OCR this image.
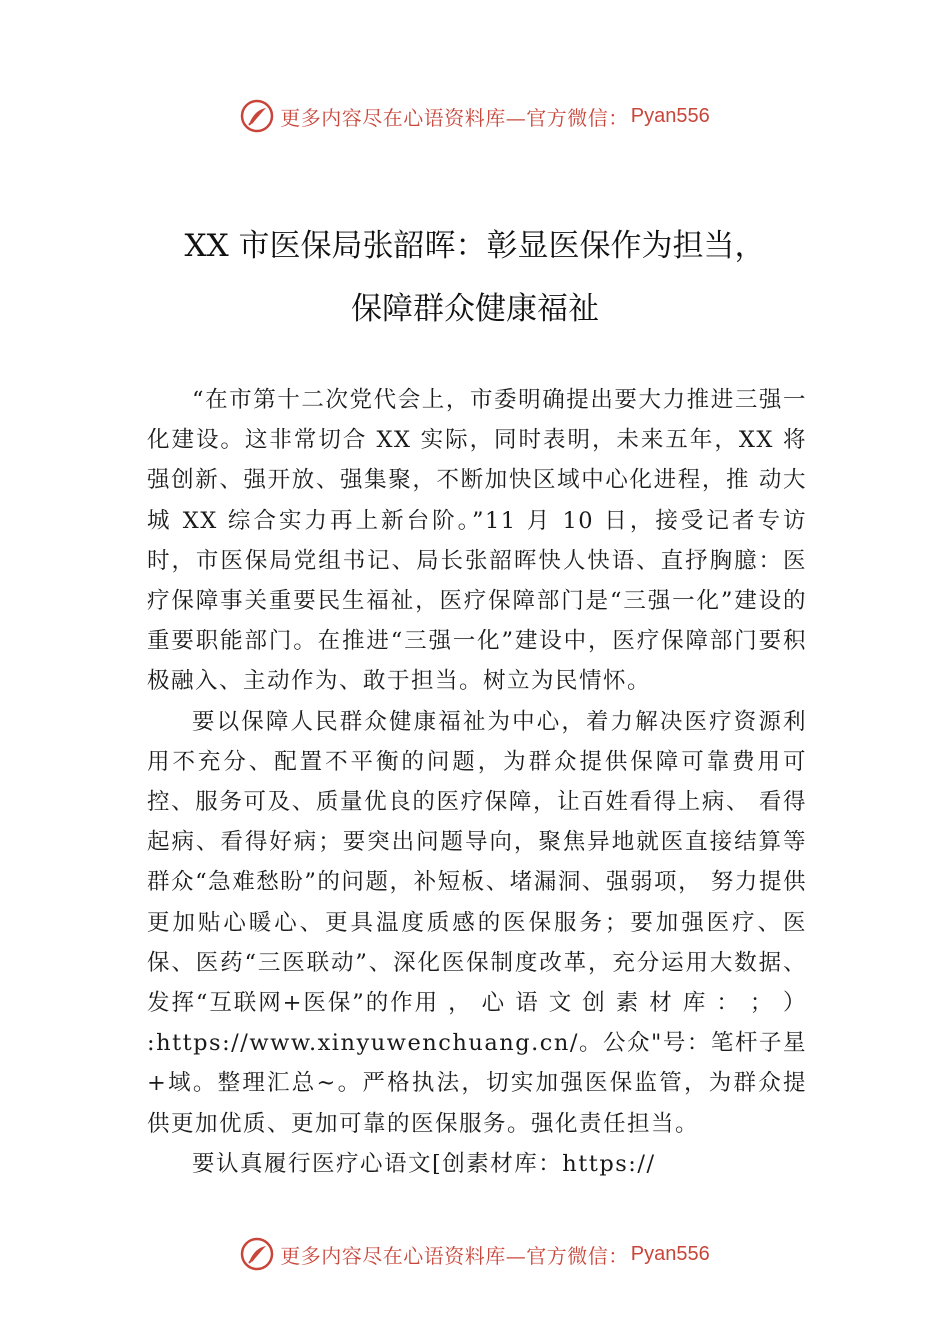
更多内容尽在心语资料库—官方微信： Pyan556
XX 市医保局张韶晖：彰显医保作为担当，
保障群众健康福祉

“在市第十二次党代会上，市委明确提出要大力推进三强一化建设。这非常切合 XX 实际，同时表明，未来五年，XX 将强创新、强开放、强集聚，不断加快区域中心化进程，推 动大城 XX 综合实力再上新台阶。”11 月 10 日，接受记者专访时，市医保局党组书记、局长张韶晖快人快语、直抒胸臆：医疗保障事关重要民生福祉，医疗保障部门是“三强一化”建设的重要职能部门。在推进“三强一化”建设中，医疗保障部门要积极融入、主动作为、敢于担当。树立为民情怀。

要以保障人民群众健康福祉为中心，着力解决医疗资源利用不充分、配置不平衡的问题，为群众提供保障可靠费用可控、服务可及、质量优良的医疗保障，让百姓看得上病、 看得起病、看得好病；要突出问题导向，聚焦异地就医直接结算等群众“急难愁盼”的问题，补短板、堵漏洞、强弱项， 努力提供更加贴心暖心、更具温度质感的医保服务；要加强医疗、医保、医药“三医联动”、深化医保制度改革，充分运用大数据、发挥“互联网+医保”的作用 ， 心 语 文 创 素 材 库 ： ； ） :https://www.xinyuwenchuang.cn/。公众"号：笔杆子星+域。整理汇总~。严格执法，切实加强医保监管，为群众提供更加优质、更加可靠的医保服务。强化责任担当。

要认真履行医疗心语文[创素材库：https://

更多内容尽在心语资料库—官方微信： Pyan556
